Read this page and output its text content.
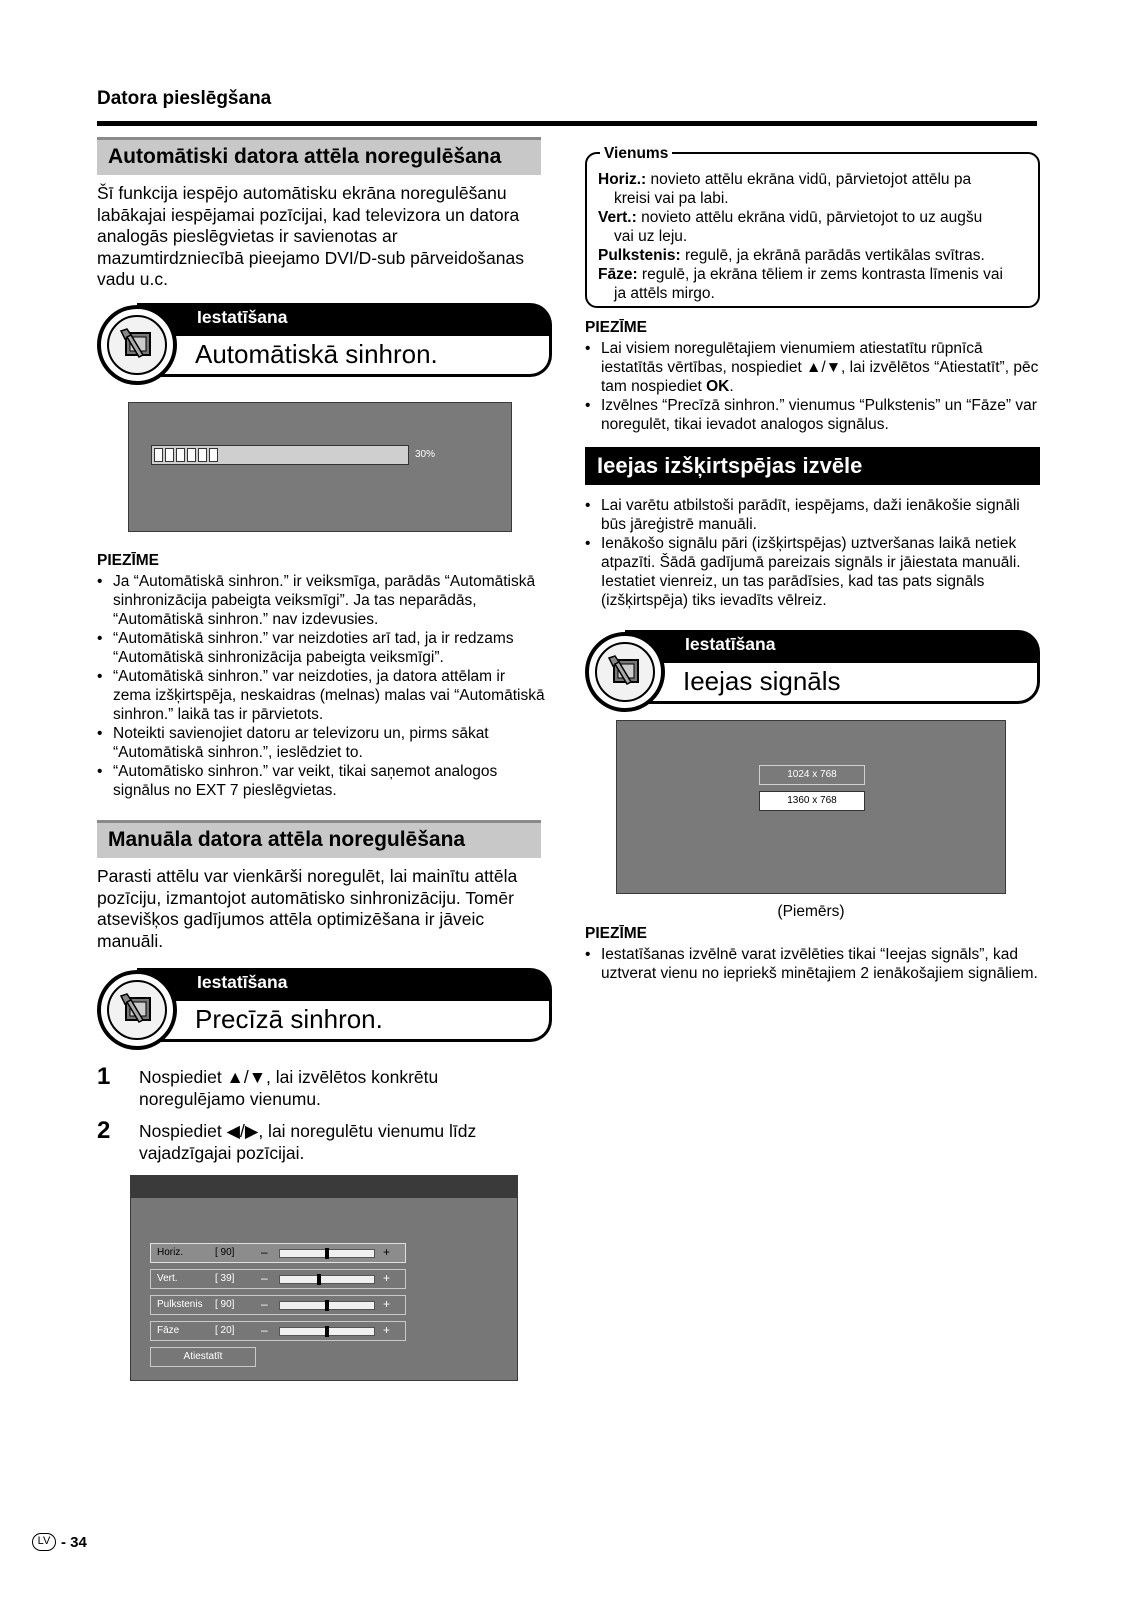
Datora pieslēgšana
Automātiski datora attēla noregulēšana
Šī funkcija iespējo automātisku ekrāna noregulēšanu labākajai iespējamai pozīcijai, kad televizora un datora analogās pieslēgvietas ir savienotas ar mazumtirdzniecībā pieejamo DVI/D-sub pārveidošanas vadu u.c.
Iestatīšana
Automātiskā sinhron.
30%
PIEZĪME
• Ja “Automātiskā sinhron.” ir veiksmīga, parādās “Automātiskā sinhronizācija pabeigta veiksmīgi”. Ja tas neparādās, “Automātiskā sinhron.” nav izdevusies.
• “Automātiskā sinhron.” var neizdoties arī tad, ja ir redzams “Automātiskā sinhronizācija pabeigta veiksmīgi”.
• “Automātiskā sinhron.” var neizdoties, ja datora attēlam ir zema izšķirtspēja, neskaidras (melnas) malas vai “Automātiskā sinhron.” laikā tas ir pārvietots.
• Noteikti savienojiet datoru ar televizoru un, pirms sākat “Automātiskā sinhron.”, ieslēdziet to.
• “Automātisko sinhron.” var veikt, tikai saņemot analogos signālus no EXT 7 pieslēgvietas.
Manuāla datora attēla noregulēšana
Parasti attēlu var vienkārši noregulēt, lai mainītu attēla pozīciju, izmantojot automātisko sinhronizāciju. Tomēr atsevišķos gadījumos attēla optimizēšana ir jāveic manuāli.
Iestatīšana
Precīzā sinhron.
1 Nospiediet ▲/▼, lai izvēlētos konkrētu noregulējamo vienumu.
2 Nospiediet ◀/▶, lai noregulētu vienumu līdz vajadzīgajai pozīcijai.
Horiz.	[ 90] –	+
Vert.	[ 39] –	+
Pulkstenis [ 90] –	+
Fāze	[ 20] –	+
Atiestatīt
Vienums
Horiz.: novieto attēlu ekrāna vidū, pārvietojot attēlu pa
kreisi vai pa labi.
Vert.: novieto attēlu ekrāna vidū, pārvietojot to uz augšu
vai uz leju.
Pulkstenis: regulē, ja ekrānā parādās vertikālas svītras.
Fāze: regulē, ja ekrāna tēliem ir zems kontrasta līmenis vai
ja attēls mirgo.
PIEZĪME
• Lai visiem noregulētajiem vienumiem atiestatītu rūpnīcā iestatītās vērtības, nospiediet ▲/▼, lai izvēlētos “Atiestatīt”, pēc tam nospiediet OK.
• Izvēlnes “Precīzā sinhron.” vienumus “Pulkstenis” un “Fāze” var noregulēt, tikai ievadot analogos signālus.
Ieejas izšķirtspējas izvēle
• Lai varētu atbilstoši parādīt, iespējams, daži ienākošie signāli būs jāreģistrē manuāli.
• Ienākošo signālu pāri (izšķirtspējas) uztveršanas laikā netiek atpazīti. Šādā gadījumā pareizais signāls ir jāiestata manuāli. Iestatiet vienreiz, un tas parādīsies, kad tas pats signāls (izšķirtspēja) tiks ievadīts vēlreiz.
Iestatīšana
Ieejas signāls
1024 x 768
1360 x 768
(Piemērs)
PIEZĪME
• Iestatīšanas izvēlnē varat izvēlēties tikai “Ieejas signāls”, kad uztverat vienu no iepriekš minētajiem 2 ienākošajiem signāliem.
LV - 34
